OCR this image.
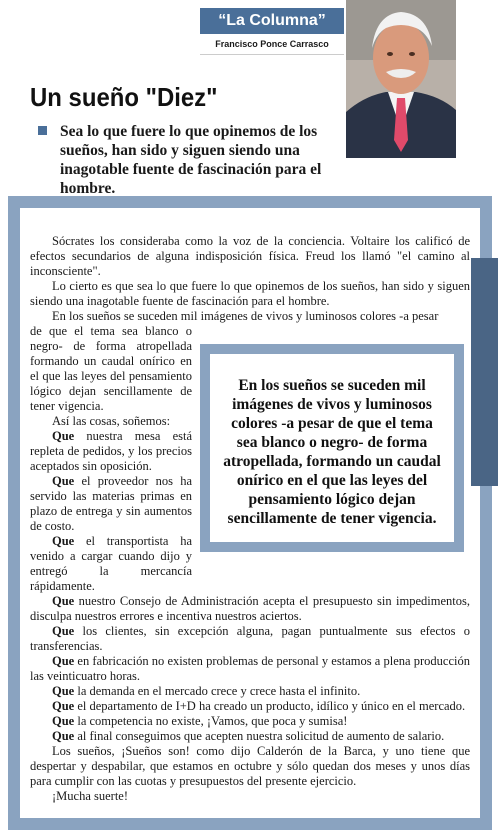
“La Columna”
Francisco Ponce Carrasco
Un sueño "Diez"
Sea lo que fuere lo que opinemos de los sueños, han sido y siguen siendo una inagotable fuente de fascinación para el hombre.

Sócrates los consideraba como la voz de la conciencia. Voltaire los calificó de efectos secundarios de alguna indisposición física. Freud los llamó "el camino al inconsciente".

Lo cierto es que sea lo que fuere lo que opinemos de los sueños, han sido y siguen siendo una inagotable fuente de fascinación para el hombre.

En los sueños se suceden mil imágenes de vivos y luminosos colores -a pesar

de que el tema sea blanco o negro- de forma atropellada formando un caudal onírico en el que las leyes del pensamiento lógico dejan sencillamente de tener vigencia.

Así las cosas, soñemos:

Que nuestra mesa está repleta de pedidos, y los precios aceptados sin oposición.

Que el proveedor nos ha servido las materias primas en plazo de entrega y sin aumentos de costo.

Que el transportista ha venido a cargar cuando dijo y entregó la mercancía rápidamente.

Que nuestro Consejo de Administración acepta el presupuesto sin impedimentos, disculpa nuestros errores e incentiva nuestros aciertos.

Que los clientes, sin excepción alguna, pagan puntualmente sus efectos o transferencias.

Que en fabricación no existen problemas de personal y estamos a plena producción las veinticuatro horas.

Que la demanda en el mercado crece y crece hasta el infinito.

Que el departamento de I+D ha creado un producto, idílico y único en el mercado.

Que la competencia no existe, ¡Vamos, que poca y sumisa!

Que al final conseguimos que acepten nuestra solicitud de aumento de salario.

Los sueños, ¡Sueños son! como dijo Calderón de la Barca, y uno tiene que despertar y despabilar, que estamos en octubre y sólo quedan dos meses y unos días para cumplir con las cuotas y presupuestos del presente ejercicio.

¡Mucha suerte!

En los sueños se suceden mil imágenes de vivos y luminosos colores -a pesar de que el tema sea blanco o negro- de forma atropellada, formando un caudal onírico en el que las leyes del pensamiento lógico dejan sencillamente de tener vigencia.
